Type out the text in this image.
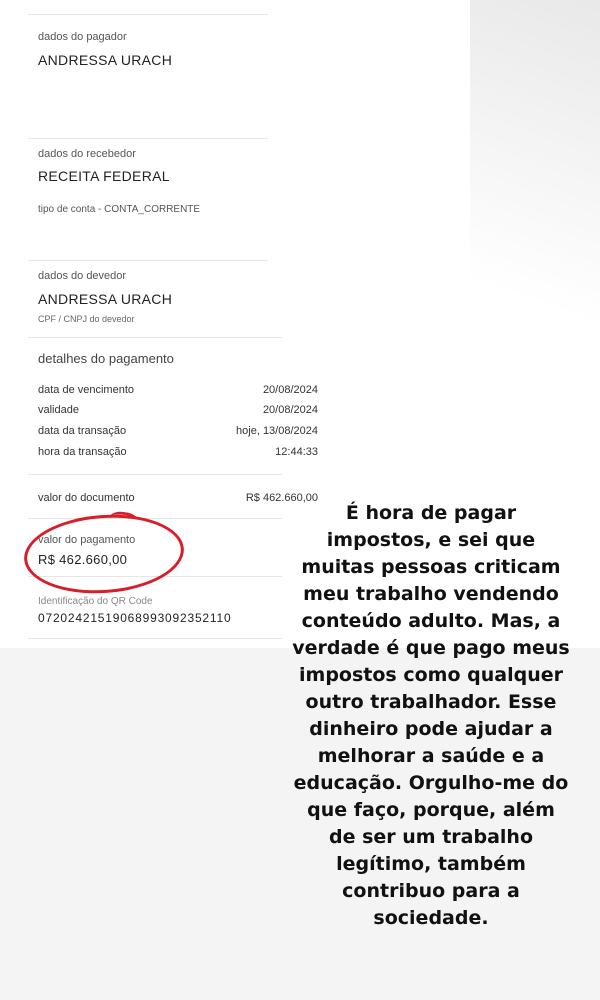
dados do pagador
ANDRESSA URACH
dados do recebedor
RECEITA FEDERAL
tipo de conta - CONTA_CORRENTE
dados do devedor
ANDRESSA URACH
CPF / CNPJ do devedor
detalhes do pagamento
data de vencimento	20/08/2024
validade	20/08/2024
data da transação	hoje, 13/08/2024
hora da transação	12:44:33
valor do documento	R$ 462.660,00
valor do pagamento
R$ 462.660,00
Identificação do QR Code
07202421519068993092352110
É hora de pagar impostos, e sei que muitas pessoas criticam meu trabalho vendendo conteúdo adulto. Mas, a verdade é que pago meus impostos como qualquer outro trabalhador. Esse dinheiro pode ajudar a melhorar a saúde e a educação. Orgulho-me do que faço, porque, além de ser um trabalho legítimo, também contribuo para a sociedade.
